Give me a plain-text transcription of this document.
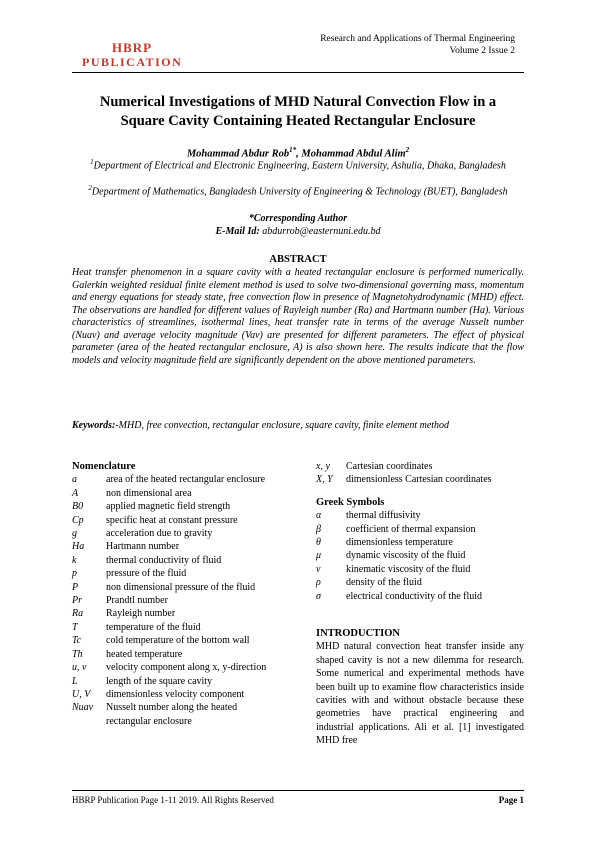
HBRP
PUBLICATION
Research and Applications of Thermal Engineering
Volume 2 Issue 2
Numerical Investigations of MHD Natural Convection Flow in a
Square Cavity Containing Heated Rectangular Enclosure
Mohammad Abdur Rob$^{1*}$, Mohammad Abdul Alim$^2$
$^1$Department of Electrical and Electronic Engineering, Eastern University, Ashulia, Dhaka, Bangladesh
$^2$Department of Mathematics, Bangladesh University of Engineering & Technology (BUET), Bangladesh
*Corresponding Author
E-Mail Id: abdurrob@easternuni.edu.bd
ABSTRACT
Heat transfer phenomenon in a square cavity with a heated rectangular enclosure is performed numerically. Galerkin weighted residual finite element method is used to solve two-dimensional governing mass, momentum and energy equations for steady state, free convection flow in presence of Magnetohydrodynamic (MHD) effect. The observations are handled for different values of Rayleigh number (Ra) and Hartmann number (Ha). Various characteristics of streamlines, isothermal lines, heat transfer rate in terms of the average Nusselt number (Nuav) and average velocity magnitude (Vav) are presented for different parameters. The effect of physical parameter (area of the heated rectangular enclosure, A) is also shown here. The results indicate that the flow models and velocity magnitude field are significantly dependent on the above mentioned parameters.
Keywords:-MHD, free convection, rectangular enclosure, square cavity, finite element method
Nomenclature
a	area of the heated rectangular enclosure
A	non dimensional area
B0	applied magnetic field strength
Cp	specific heat at constant pressure
g	acceleration due to gravity
Ha	Hartmann number
k	thermal conductivity of fluid
p	pressure of the fluid
P	non dimensional pressure of the fluid
Pr	Prandtl number
Ra	Rayleigh number
T	temperature of the fluid
Tc	cold temperature of the bottom wall
Th	heated temperature
u, v	velocity component along x, y-direction
L	length of the square cavity
U, V	dimensionless velocity component
Nuav	Nusselt number along the heated rectangular enclosure
x, y	Cartesian coordinates
X, Y	dimensionless Cartesian coordinates
Greek Symbols
α	thermal diffusivity
β	coefficient of thermal expansion
θ	dimensionless temperature
μ	dynamic viscosity of the fluid
ν	kinematic viscosity of the fluid
ρ	density of the fluid
σ	electrical conductivity of the fluid
INTRODUCTION
MHD natural convection heat transfer inside any shaped cavity is not a new dilemma for research. Some numerical and experimental methods have been built up to examine flow characteristics inside cavities with and without obstacle because these geometries have practical engineering and industrial applications. Ali et al. [1] investigated MHD free
HBRP Publication Page 1-11 2019. All Rights Reserved	Page 1
